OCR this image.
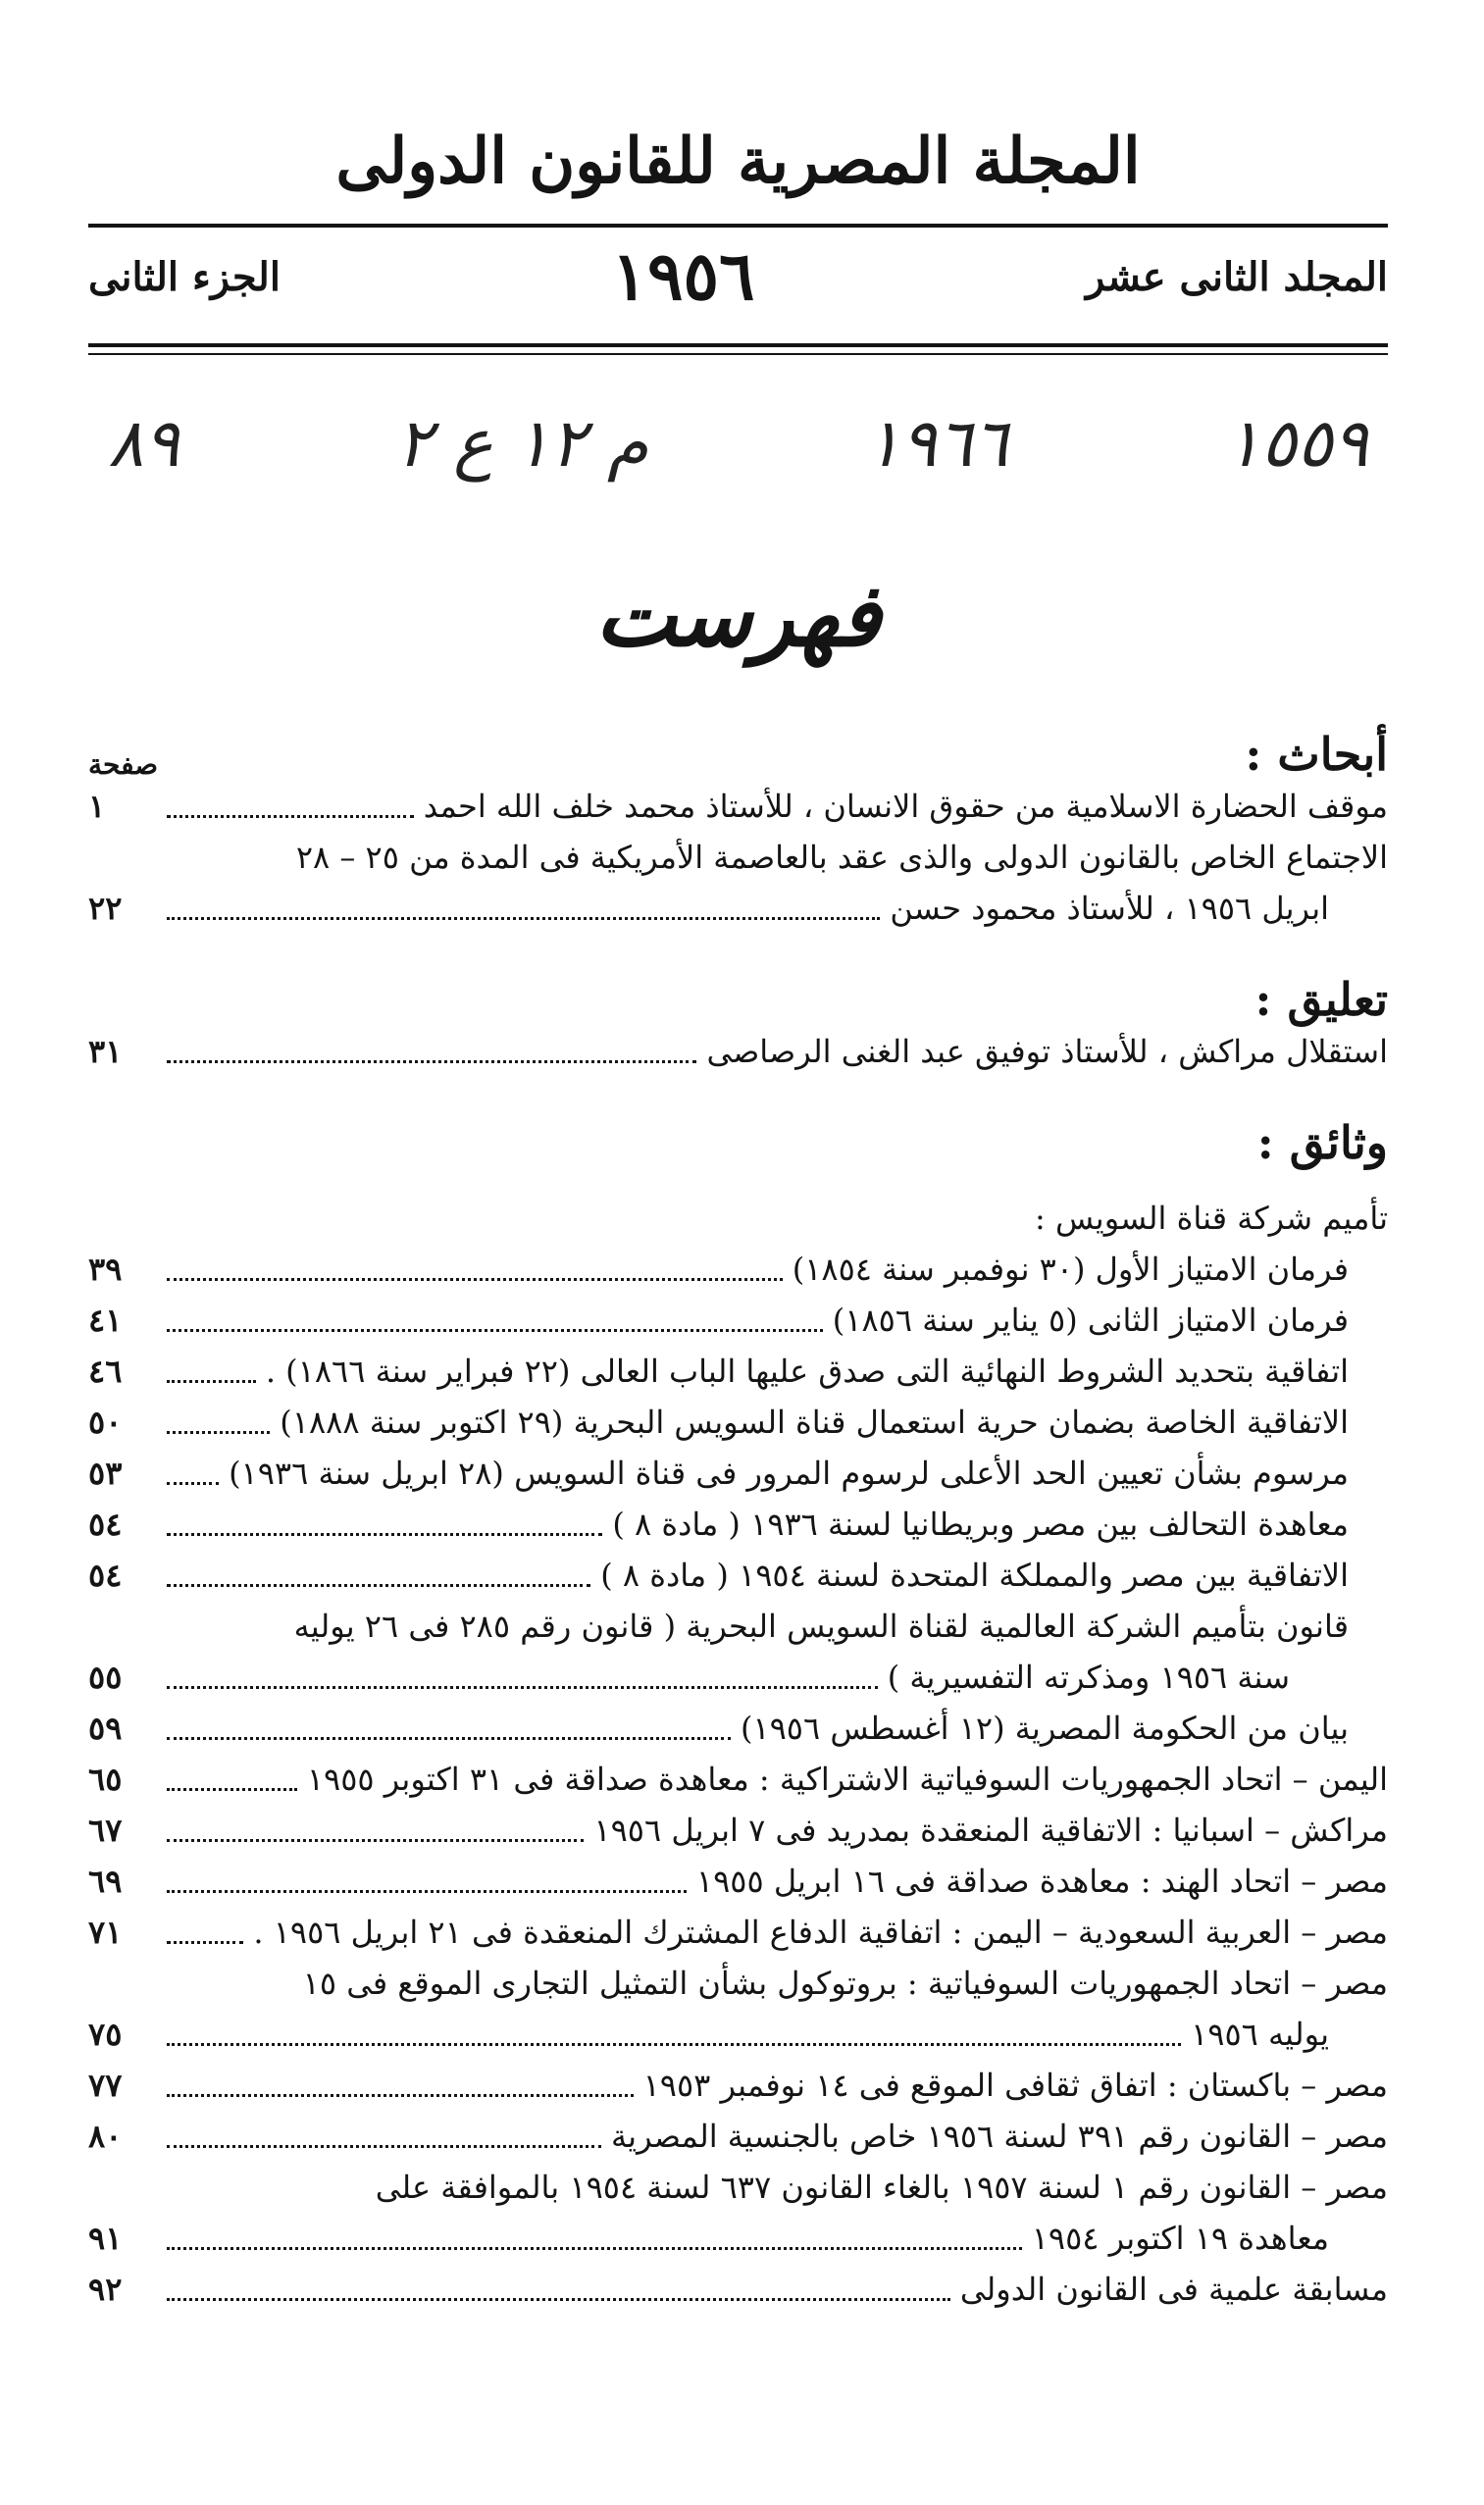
المجلة المصرية للقانون الدولى
المجلد الثانى عشر
١٩٥٦
الجزء الثانى
١٥٥٩
١٩٦٦
م ١٢ ع ٢
٨٩
فهرست
أبحاث :
صفحة
موقف الحضارة الاسلامية من حقوق الانسان ، للأستاذ محمد خلف الله احمد
١
الاجتماع الخاص بالقانون الدولى والذى عقد بالعاصمة الأمريكية فى المدة من ٢٥ – ٢٨
ابريل ١٩٥٦ ، للأستاذ محمود حسن
٢٢
تعليق :
استقلال مراكش ، للأستاذ توفيق عبد الغنى الرصاصى
٣١
وثائق :
تأميم شركة قناة السويس :
فرمان الامتياز الأول (٣٠ نوفمبر سنة ١٨٥٤)
٣٩
فرمان الامتياز الثانى (٥ يناير سنة ١٨٥٦)
٤١
اتفاقية بتحديد الشروط النهائية التى صدق عليها الباب العالى (٢٢ فبراير سنة ١٨٦٦) .
٤٦
الاتفاقية الخاصة بضمان حرية استعمال قناة السويس البحرية (٢٩ اكتوبر سنة ١٨٨٨)
٥٠
مرسوم بشأن تعيين الحد الأعلى لرسوم المرور فى قناة السويس (٢٨ ابريل سنة ١٩٣٦)
٥٣
معاهدة التحالف بين مصر وبريطانيا لسنة ١٩٣٦ ( مادة ٨ )
٥٤
الاتفاقية بين مصر والمملكة المتحدة لسنة ١٩٥٤ ( مادة ٨ )
٥٤
قانون بتأميم الشركة العالمية لقناة السويس البحرية ( قانون رقم ٢٨٥ فى ٢٦ يوليه
سنة ١٩٥٦ ومذكرته التفسيرية )
٥٥
بيان من الحكومة المصرية (١٢ أغسطس ١٩٥٦)
٥٩
اليمن – اتحاد الجمهوريات السوفياتية الاشتراكية : معاهدة صداقة فى ٣١ اكتوبر ١٩٥٥
٦٥
مراكش – اسبانيا : الاتفاقية المنعقدة بمدريد فى ٧ ابريل ١٩٥٦
٦٧
مصر – اتحاد الهند : معاهدة صداقة فى ١٦ ابريل ١٩٥٥
٦٩
مصر – العربية السعودية – اليمن : اتفاقية الدفاع المشترك المنعقدة فى ٢١ ابريل ١٩٥٦ .
٧١
مصر – اتحاد الجمهوريات السوفياتية : بروتوكول بشأن التمثيل التجارى الموقع فى ١٥
يوليه ١٩٥٦
٧٥
مصر – باكستان : اتفاق ثقافى الموقع فى ١٤ نوفمبر ١٩٥٣
٧٧
مصر – القانون رقم ٣٩١ لسنة ١٩٥٦ خاص بالجنسية المصرية
٨٠
مصر – القانون رقم ١ لسنة ١٩٥٧ بالغاء القانون ٦٣٧ لسنة ١٩٥٤ بالموافقة على
معاهدة ١٩ اكتوبر ١٩٥٤
٩١
مسابقة علمية فى القانون الدولى
٩٢
